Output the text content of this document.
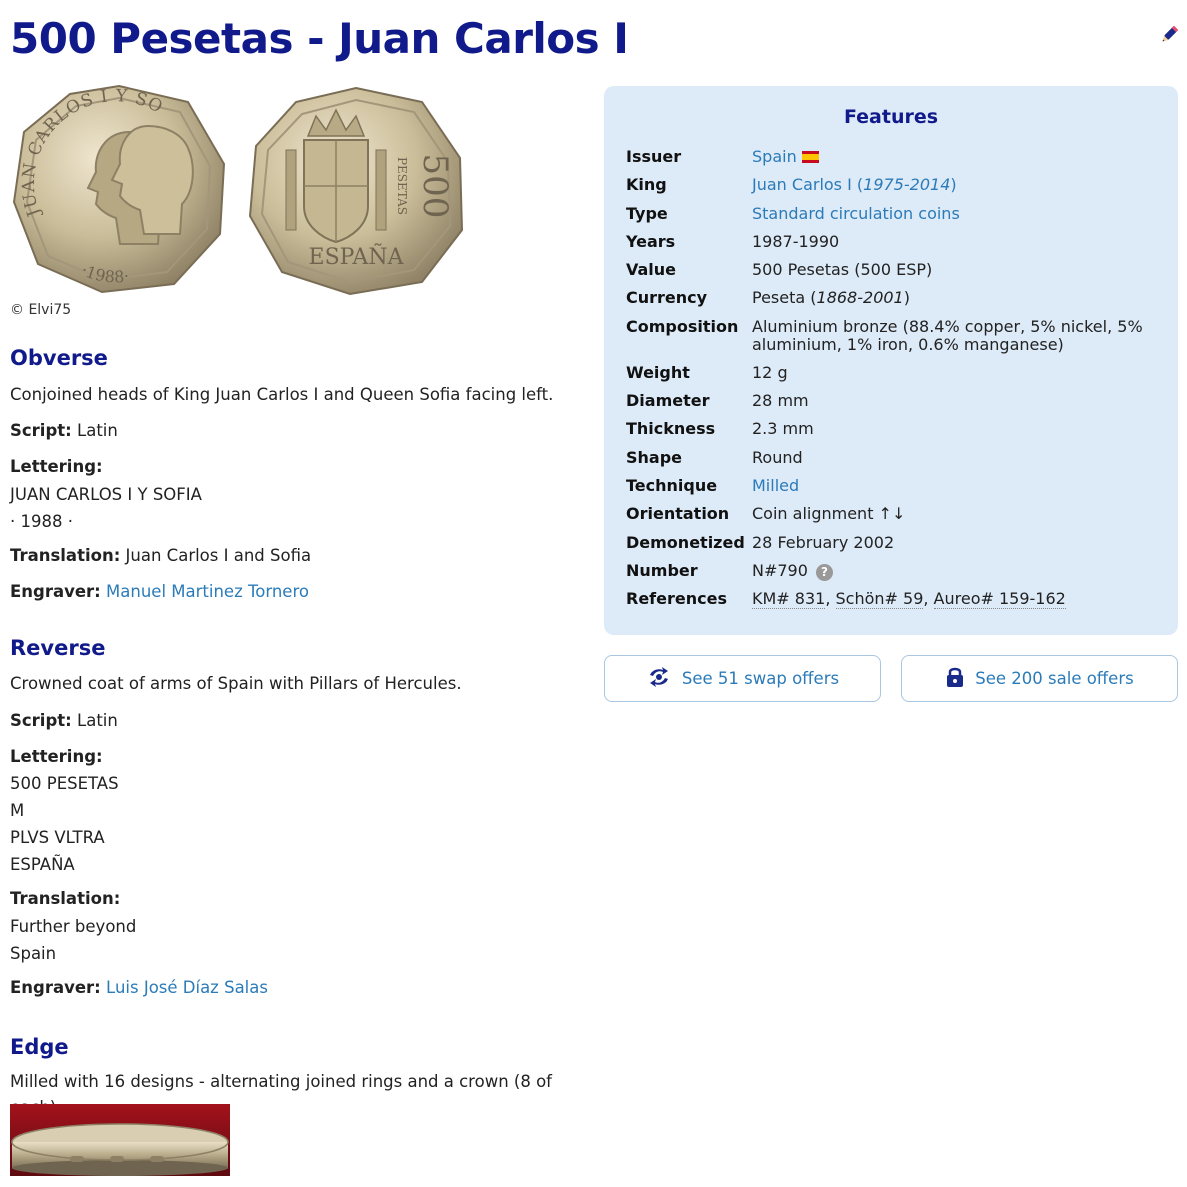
500 Pesetas - Juan Carlos I
JUAN CARLOS I Y SO
·1988·
500
PESETAS
ESPAÑA
© Elvi75
Obverse

Conjoined heads of King Juan Carlos I and Queen Sofia facing left.

Script: Latin

Lettering:

JUAN CARLOS I Y SOFIA

· 1988 ·

Translation: Juan Carlos I and Sofia

Engraver: Manuel Martinez Tornero

Reverse

Crowned coat of arms of Spain with Pillars of Hercules.

Script: Latin

Lettering:

500 PESETAS

M

PLVS VLTRA

ESPAÑA

Translation:

Further beyond

Spain

Engraver: Luis José Díaz Salas

Edge

Milled with 16 designs - alternating joined rings and a crown (8 of

Features
Issuer	Spain
King	Juan Carlos I (1975-2014)
Type	Standard circulation coins
Years	1987-1990
Value	500 Pesetas (500 ESP)
Currency	Peseta (1868-2001)
Composition	Aluminium bronze (88.4% copper, 5% nickel, 5% aluminium, 1% iron, 0.6% manganese)
Weight	12 g
Diameter	28 mm
Thickness	2.3 mm
Shape	Round
Technique	Milled
Orientation	Coin alignment ↑↓
Demonetized	28 February 2002
Number	N#790 ?
References	KM# 831, Schön# 59, Aureo# 159-162
See 51 swap offers	See 200 sale offers
